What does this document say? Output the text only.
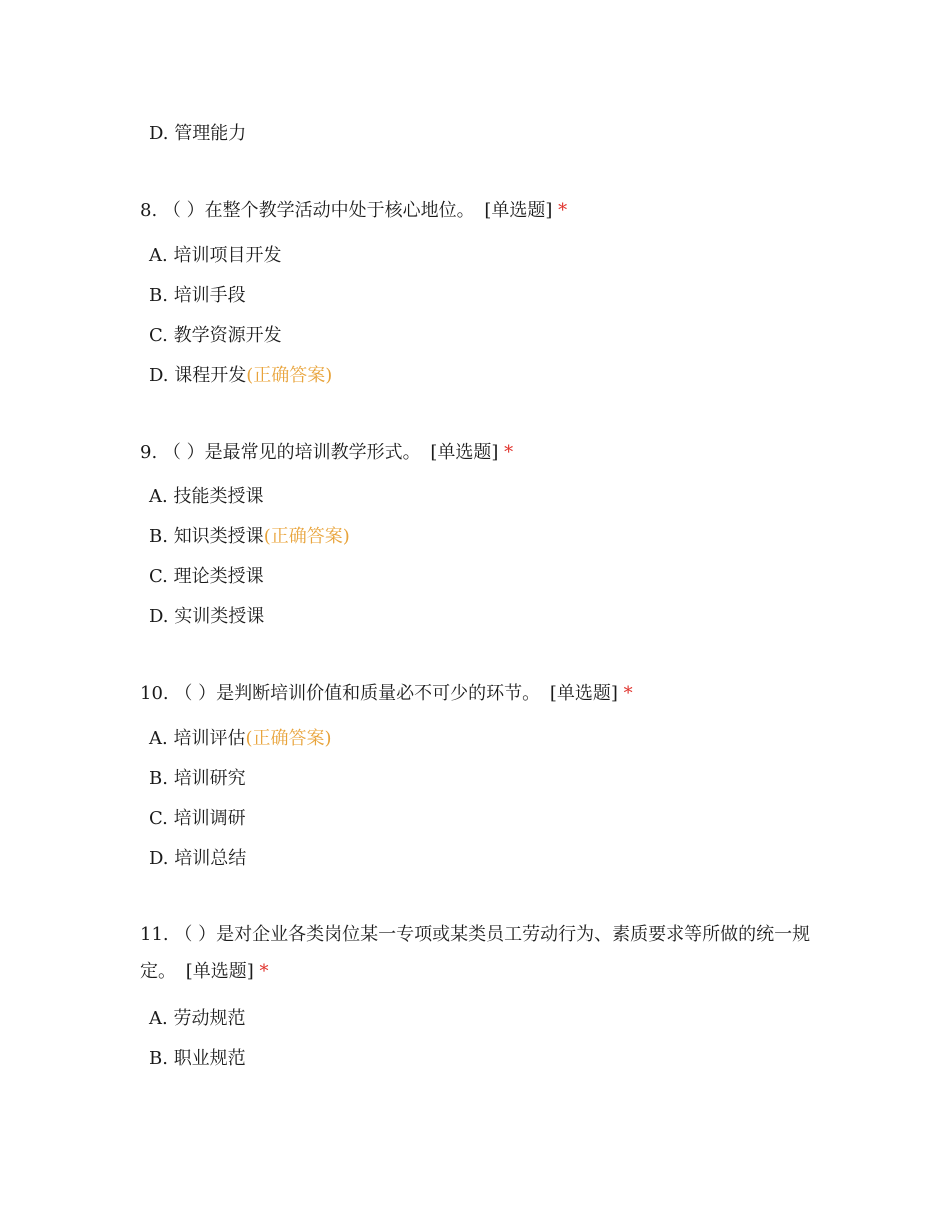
D. 管理能力
8. （ ）在整个教学活动中处于核心地位。 [单选题] *
A. 培训项目开发
B. 培训手段
C. 教学资源开发
D. 课程开发(正确答案)
9. （ ）是最常见的培训教学形式。 [单选题] *
A. 技能类授课
B. 知识类授课(正确答案)
C. 理论类授课
D. 实训类授课
10. （ ）是判断培训价值和质量必不可少的环节。 [单选题] *
A. 培训评估(正确答案)
B. 培训研究
C. 培训调研
D. 培训总结
11. （ ）是对企业各类岗位某一专项或某类员工劳动行为、素质要求等所做的统一规定。 [单选题] *
A. 劳动规范
B. 职业规范
